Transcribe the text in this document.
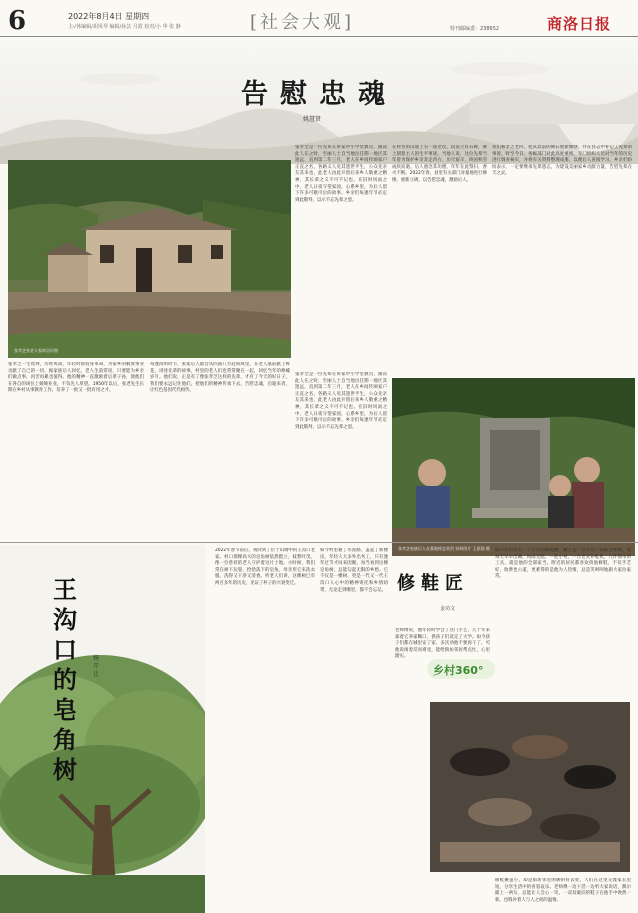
6	2022年8月4日 星期四
主√休编辑∕胡凤琴 编辑∕孙芸 月霞 校对∕小 华 张 静	[社会大观]	特刊邮编委：238652	商洛日报
告慰忠魂
姚慧贤
张孝芝张老人家故居旧照
張孝全是一位先辈在讲家中小学堂教员，跟读此人在之时，至丽人士自当地出任期一地区其遗远，直到第二年三月，老人在乡间传颂家户正直之名，各路义人见其遗世平生，公众先亲友其来也，此老人由此开创后来乡人敬重之精神，其长辈之义不可不记也。在旧时风雨之中，老人日夜守望家园，心系乡里，为后人留下许多可歌可泣的故事。乡亲们每逢年节必定到此敬拜，以示不忘先辈之恩。
在村旁的山坡上有一座老坟，坟前立有石碑，碑上刻着主人的生平事迹。当地人说，这位先辈当年曾为保护乡亲奔走四方，历尽艰辛，终因积劳成疾而逝。后人感念其功德，年年在此祭扫，香火不断。2022年春，县里有关部门对墓地进行修缮，重新立碑，以告慰忠魂，激励后人。
我们和孝芝老四，把其坟前的碑石重新修缮，并在县志中补记了先辈的事迹。时至今日，各级部门对此高度重视，专门组织人员对当年的历史进行调查核实，并将有关资料整理成册，以便后人查阅学习。乡亲们纷纷表示，一定要继承先辈遗志，为建设美丽家乡贡献力量，告慰先辈在天之灵。
张孝芝一生坎坷，历经风雨，年轻时即投身革命，为家乡的解放事业贡献了自己的一切。据家族后人回忆，老人生前常说，只要能为乡亲们做点事，再苦再累也值得。他的精神一直激励着后辈子孙，使他们在各自的岗位上兢兢业业，不负先人厚望。1950年以后，张老先生长期在乡村从事教育工作，培养了一批又一批有用之才。
每逢清明时节，张家后人都会从四面八方赶回故里，在老人墓前献上鲜花，讲述先辈的故事。村里的老人们也常常聚在一起，回忆当年的峥嵘岁月。他们说，正是有了像张孝芝这样的先辈，才有了今天的好日子。我们要永远记住他们，把他们的精神传承下去，告慰忠魂，启迪来者，让红色基因代代相传。
張孝全是一位先辈在讲家中小学堂教员，跟读此人在之时，至丽人士自当地出任期一地区其遗远，直到第二年三月，老人在乡间传颂家户正直之名，各路义人见其遗世平生，公众先亲友其来也，此老人由此开创后来乡人敬重之精神，其长辈之义不可不记也。在旧时风雨之中，老人日夜守望家园，心系乡里，为后人留下许多可歌可泣的故事。乡亲们每逢年节必定到此敬拜，以示不忘先辈之恩。
张孝芝家族后人在墓地悼念英烈 资料图片 王思翔 摄
王沟口的皂角树
杨开让
2022年春节前后，我回到了位于山坳中的王沟口老家。村口那棵高大的皂角树依然挺立，枝繁叶茂，像一位慈祥的老人守护着这片土地。小时候，我们常在树下玩耍，捡拾落下的皂角，母亲用它来洗衣服，洗得又干净又清香。听老人们讲，这棵树已有两百多年的历史，见证了村子的兴衰变迁。
如今村里通了水泥路，盖起了新楼房，年轻人大多外出务工，只有逢年过节才回来团聚。每当看到这棵皂角树，总能勾起无限的乡愁。它不仅是一棵树，更是一代又一代王沟口人心中的精神寄托和乡情纽带，无论走到哪里，都不会忘记。 修鞋匠
金功文
乡村360°
街口拐角处有一个小小的修鞋摊，摊主是一位年过六旬的老师傅。他每天早早出摊，风雨无阻，一把小凳，一台老式补鞋机，几件简单的工具，就是他的全部家当。附近的居民都喜欢找他修鞋，不仅手艺好，收费也公道，更难得的是他为人热情，总是笑呵呵地跟大家拉家常。
老师傅说，他年轻时学会了这门手艺，几十年来靠着它养家糊口，供孩子们读完了大学。如今孩子们都在城里安了家，多次劝他不要再干了，可他说闲着反而难受，能给街坊邻居帮点忙，心里踏实。
修鞋摊虽小，却是街坊邻里闲聊的好去处。人们在这里交流家长里短，分享生活中的喜怒哀乐。老师傅一边干活一边听大家说话，偶尔插上一两句，总能让人会心一笑。一双双破旧的鞋子在他手中焕然一新，也缝补着人与人之间的温情。
